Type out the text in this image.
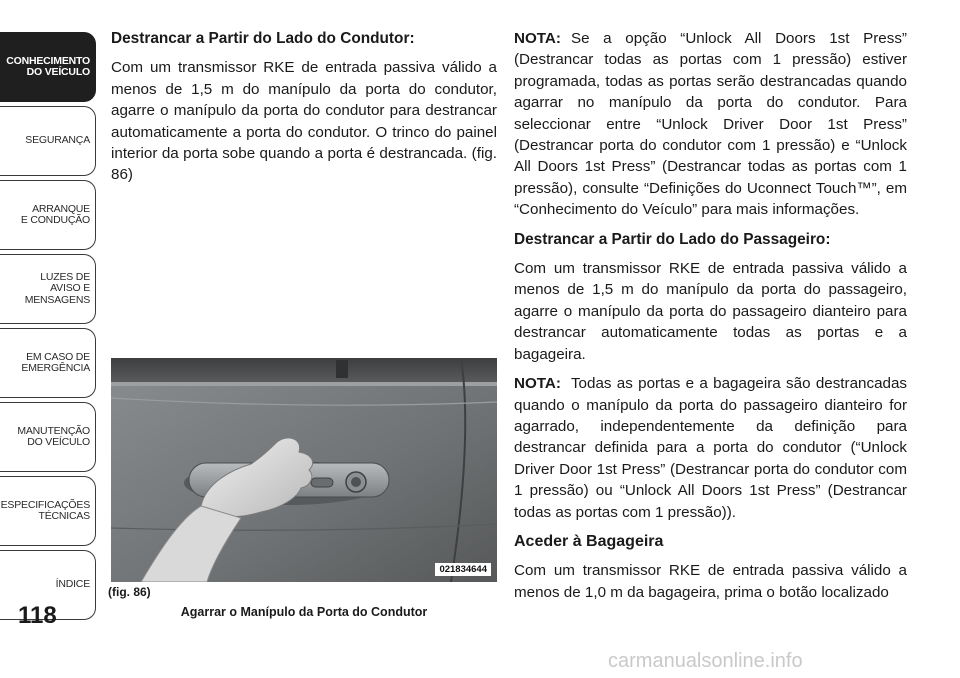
CONHECIMENTO
DO VEÍCULO
SEGURANÇA
ARRANQUE
E CONDUÇÃO
LUZES DE
AVISO E
MENSAGENS
EM CASO DE
EMERGÊNCIA
MANUTENÇÃO
DO VEÍCULO
ESPECIFICAÇÕES
TÉCNICAS
ÍNDICE
118
Destrancar a Partir do Lado do Condutor:

Com um transmissor RKE de entrada passiva válido a menos de 1,5 m do manípulo da porta do condutor, agarre o manípulo da porta do condutor para destrancar automaticamente a porta do condutor. O trinco do painel interior da porta sobe quando a porta é destrancada. (fig. 86)

021834644
(fig. 86)
Agarrar o Manípulo da Porta do Condutor

NOTA: Se a opção “Unlock All Doors 1st Press” (Destrancar todas as portas com 1 pressão) estiver programada, todas as portas serão destrancadas quando agarrar no manípulo da porta do condutor. Para seleccionar entre “Unlock Driver Door 1st Press” (Destrancar porta do condutor com 1 pressão) e “Unlock All Doors 1st Press” (Destrancar todas as portas com 1 pressão), consulte “Definições do Uconnect Touch™”, em “Conhecimento do Veículo” para mais informações.

Destrancar a Partir do Lado do Passageiro:

Com um transmissor RKE de entrada passiva válido a menos de 1,5 m do manípulo da porta do passageiro, agarre o manípulo da porta do passageiro dianteiro para destrancar automaticamente todas as portas e a bagageira.

NOTA: Todas as portas e a bagageira são destrancadas quando o manípulo da porta do passageiro dianteiro for agarrado, independentemente da definição para destrancar definida para a porta do condutor (“Unlock Driver Door 1st Press” (Destrancar porta do condutor com 1 pressão) ou “Unlock All Doors 1st Press” (Destrancar todas as portas com 1 pressão)).

Aceder à Bagageira

Com um transmissor RKE de entrada passiva válido a menos de 1,0 m da bagageira, prima o botão localizado

carmanualsonline.info
